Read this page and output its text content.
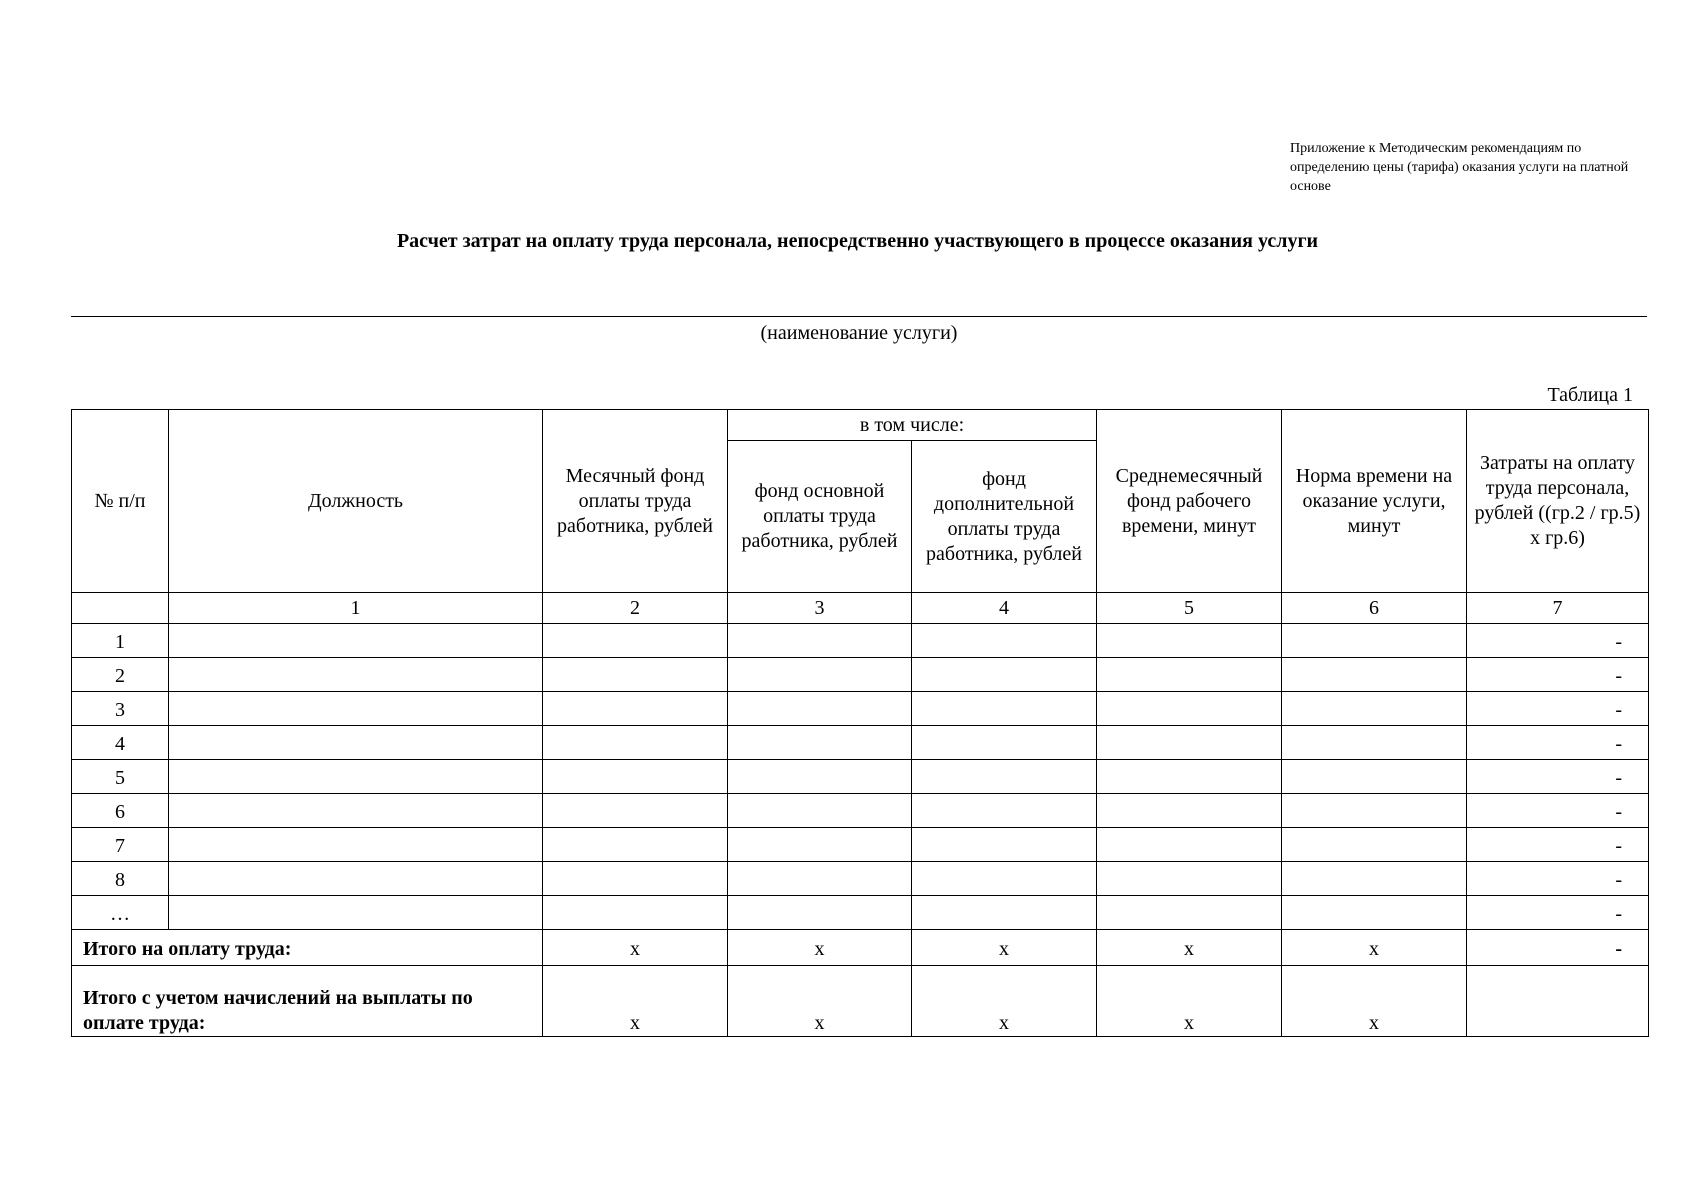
Приложение к Методическим рекомендациям по определению цены (тарифа) оказания услуги на платной основе
Расчет затрат на оплату труда персонала, непосредственно участвующего в процессе оказания услуги
(наименование услуги)
Таблица 1
№ п/п	Должность	Месячный фонд оплаты труда работника, рублей	в том числе:		Среднемесячный фонд рабочего времени, минут	Норма времени на оказание услуги, минут	Затраты на оплату труда персонала, рублей ((гр.2 / гр.5) х гр.6)
			фонд основной оплаты труда работника, рублей	фонд дополнительной оплаты труда работника, рублей			
	1	2	3	4	5	6	7
1							-
2							-
3							-
4							-
5							-
6							-
7							-
8							-
…							-
Итого на оплату труда:		х	х	х	х	х	-
Итого с учетом начислений на выплаты по оплате труда:		х	х	х	х	х	
